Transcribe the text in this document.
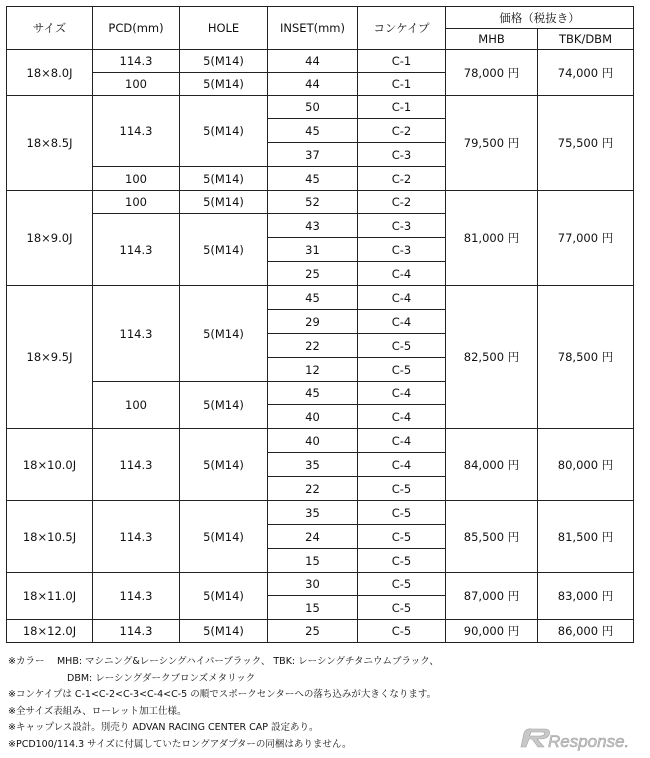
サイズ	PCD(mm)	HOLE	INSET(mm)	コンケイプ	価格（税抜き）	
					MHB	TBK/DBM
18×8.0J	114.3	5(M14)	44	C-1	78,000 円	74,000 円
	100	5(M14)	44	C-1		
18×8.5J	114.3	5(M14)	50	C-1	79,500 円	75,500 円
			45	C-2		
			37	C-3		
	100	5(M14)	45	C-2		
18×9.0J	100	5(M14)	52	C-2	81,000 円	77,000 円
	114.3	5(M14)	43	C-3		
			31	C-3		
			25	C-4		
18×9.5J	114.3	5(M14)	45	C-4	82,500 円	78,500 円
			29	C-4		
			22	C-5		
			12	C-5		
	100	5(M14)	45	C-4		
			40	C-4		
18×10.0J	114.3	5(M14)	40	C-4	84,000 円	80,000 円
			35	C-4		
			22	C-5		
18×10.5J	114.3	5(M14)	35	C-5	85,500 円	81,500 円
			24	C-5		
			15	C-5		
18×11.0J	114.3	5(M14)	30	C-5	87,000 円	83,000 円
			15	C-5		
18×12.0J	114.3	5(M14)	25	C-5	90,000 円	86,000 円
※カラー　 MHB: マシニング&レーシングハイパーブラック、 TBK: レーシングチタニウムブラック、
DBM: レーシングダークブロンズメタリック
※コンケイプは C-1<C-2<C-3<C-4<C-5 の順でスポークセンターへの落ち込みが大きくなります。
※全サイズ表組み、ローレット加工仕様。
※キャップレス設計。別売り ADVAN RACING CENTER CAP 設定あり。
※PCD100/114.3 サイズに付属していたロングアダプターの同梱はありません。	Response.
